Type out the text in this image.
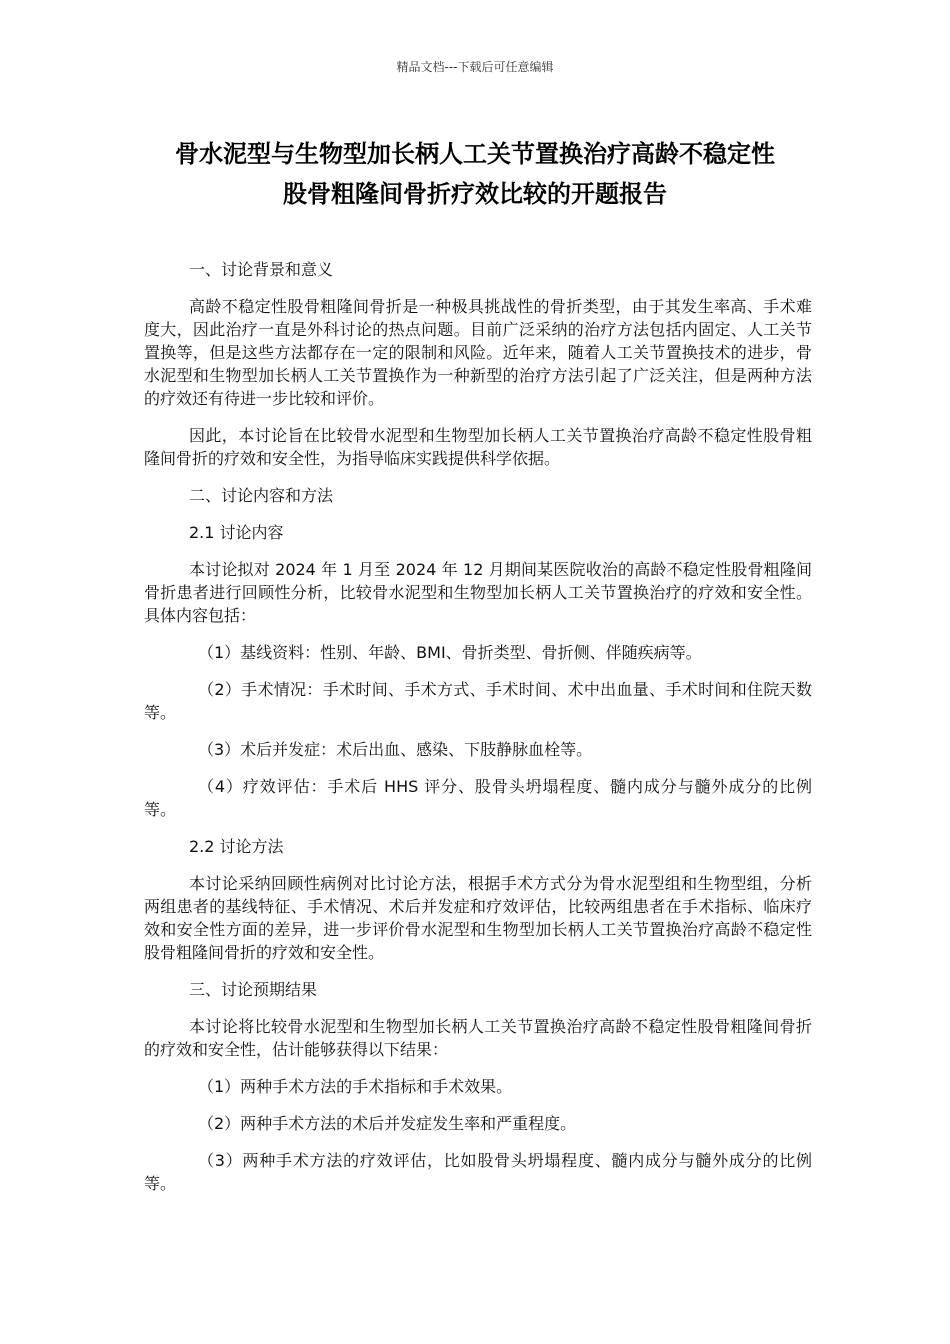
精品文档---下载后可任意编辑
骨水泥型与生物型加长柄人工关节置换治疗高龄不稳定性
股骨粗隆间骨折疗效比较的开题报告

一、讨论背景和意义

高龄不稳定性股骨粗隆间骨折是一种极具挑战性的骨折类型，由于其发生率高、手术难度大，因此治疗一直是外科讨论的热点问题。目前广泛采纳的治疗方法包括内固定、人工关节置换等，但是这些方法都存在一定的限制和风险。近年来，随着人工关节置换技术的进步，骨水泥型和生物型加长柄人工关节置换作为一种新型的治疗方法引起了广泛关注，但是两种方法的疗效还有待进一步比较和评价。

因此，本讨论旨在比较骨水泥型和生物型加长柄人工关节置换治疗高龄不稳定性股骨粗隆间骨折的疗效和安全性，为指导临床实践提供科学依据。

二、讨论内容和方法

2.1 讨论内容

本讨论拟对 2024 年 1 月至 2024 年 12 月期间某医院收治的高龄不稳定性股骨粗隆间骨折患者进行回顾性分析，比较骨水泥型和生物型加长柄人工关节置换治疗的疗效和安全性。具体内容包括：

（1）基线资料：性别、年龄、BMI、骨折类型、骨折侧、伴随疾病等。

（2）手术情况：手术时间、手术方式、手术时间、术中出血量、手术时间和住院天数等。

（3）术后并发症：术后出血、感染、下肢静脉血栓等。

（4）疗效评估：手术后 HHS 评分、股骨头坍塌程度、髓内成分与髓外成分的比例等。

2.2 讨论方法

本讨论采纳回顾性病例对比讨论方法，根据手术方式分为骨水泥型组和生物型组，分析两组患者的基线特征、手术情况、术后并发症和疗效评估，比较两组患者在手术指标、临床疗效和安全性方面的差异，进一步评价骨水泥型和生物型加长柄人工关节置换治疗高龄不稳定性股骨粗隆间骨折的疗效和安全性。

三、讨论预期结果

本讨论将比较骨水泥型和生物型加长柄人工关节置换治疗高龄不稳定性股骨粗隆间骨折的疗效和安全性，估计能够获得以下结果：

（1）两种手术方法的手术指标和手术效果。

（2）两种手术方法的术后并发症发生率和严重程度。

（3）两种手术方法的疗效评估，比如股骨头坍塌程度、髓内成分与髓外成分的比例等。
